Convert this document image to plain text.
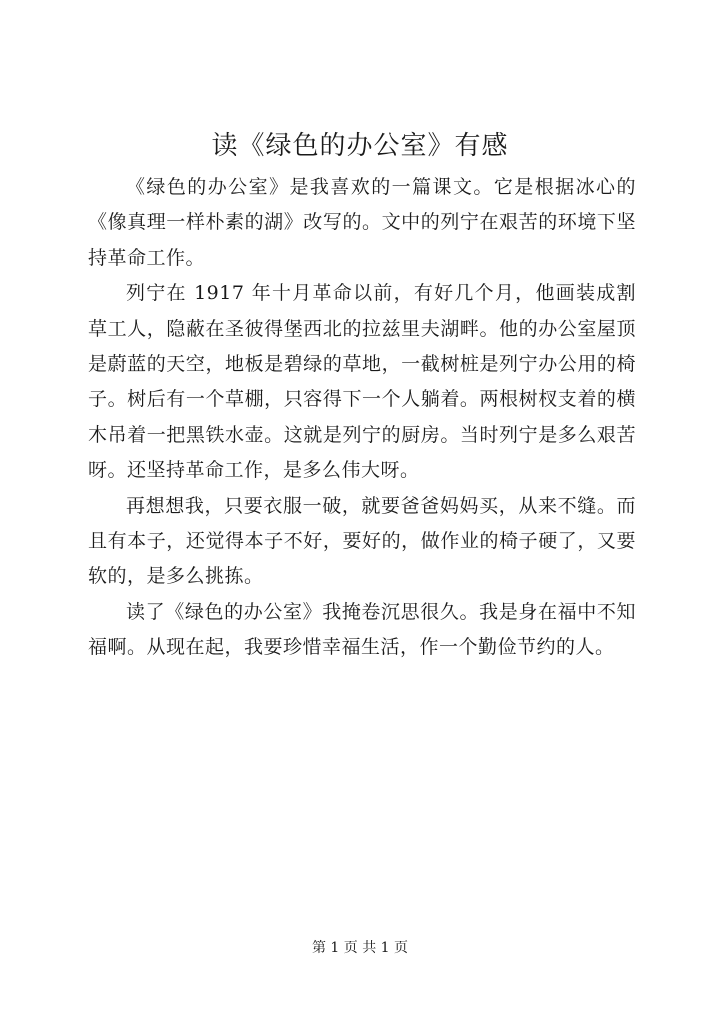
读《绿色的办公室》有感

《绿色的办公室》是我喜欢的一篇课文。它是根据冰心的《像真理一样朴素的湖》改写的。文中的列宁在艰苦的环境下坚持革命工作。

列宁在 1917 年十月革命以前，有好几个月，他画装成割草工人，隐蔽在圣彼得堡西北的拉兹里夫湖畔。他的办公室屋顶是蔚蓝的天空，地板是碧绿的草地，一截树桩是列宁办公用的椅子。树后有一个草棚，只容得下一个人躺着。两根树杈支着的横木吊着一把黑铁水壶。这就是列宁的厨房。当时列宁是多么艰苦呀。还坚持革命工作，是多么伟大呀。

再想想我，只要衣服一破，就要爸爸妈妈买，从来不缝。而且有本子，还觉得本子不好，要好的，做作业的椅子硬了，又要软的，是多么挑拣。

读了《绿色的办公室》我掩卷沉思很久。我是身在福中不知福啊。从现在起，我要珍惜幸福生活，作一个勤俭节约的人。

第 1 页 共 1 页
